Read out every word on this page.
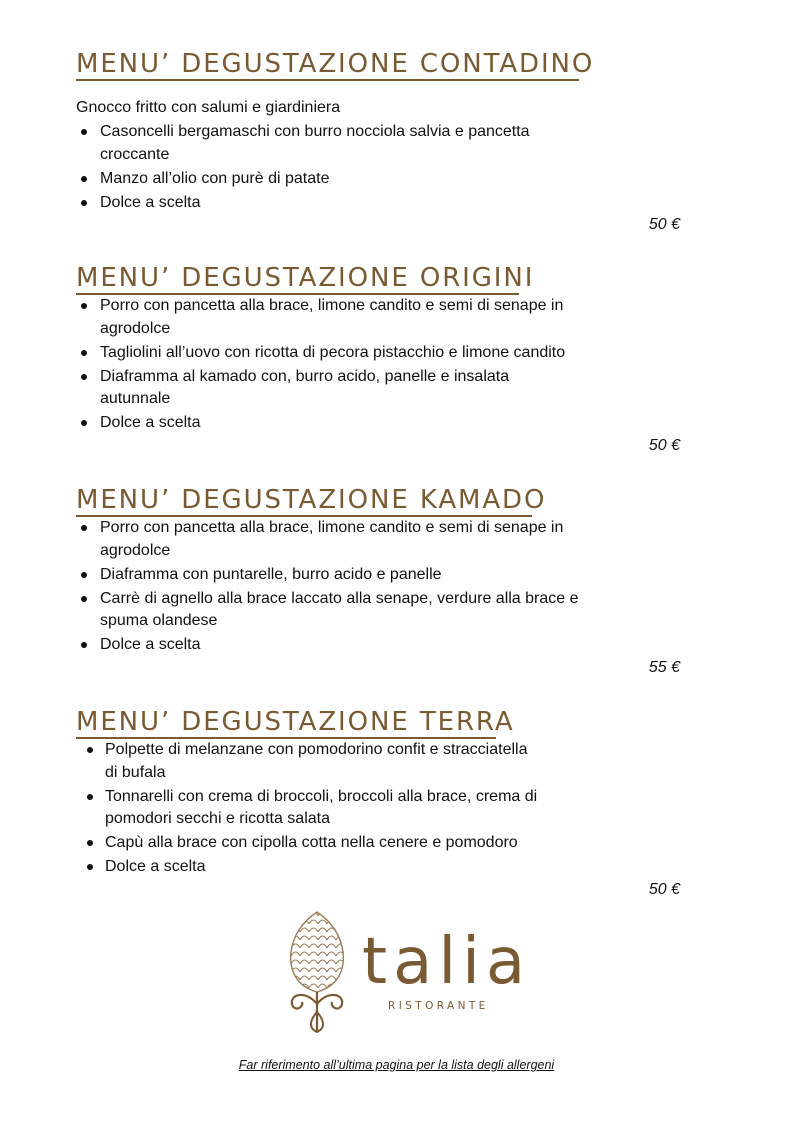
MENU’ DEGUSTAZIONE CONTADINO
Gnocco fritto con salumi e giardiniera
Casoncelli bergamaschi con burro nocciola salvia e pancetta
croccante
Manzo all’olio con purè di patate
Dolce a scelta
50 €
MENU’ DEGUSTAZIONE ORIGINI
Porro con pancetta alla brace, limone candito e semi di senape in
agrodolce
Tagliolini all’uovo con ricotta di pecora pistacchio e limone candito
Diaframma al kamado con, burro acido, panelle e insalata
autunnale
Dolce a scelta
50 €
MENU’ DEGUSTAZIONE KAMADO
Porro con pancetta alla brace, limone candito e semi di senape in
agrodolce
Diaframma con puntarelle, burro acido e panelle
Carrè di agnello alla brace laccato alla senape, verdure alla brace e
spuma olandese
Dolce a scelta
55 €
MENU’ DEGUSTAZIONE TERRA
Polpette di melanzane con pomodorino confit e stracciatella
di bufala
Tonnarelli con crema di broccoli, broccoli alla brace, crema di
pomodori secchi e ricotta salata
Capù alla brace con cipolla cotta nella cenere e pomodoro
Dolce a scelta
50 €
talia
RISTORANTE
Far riferimento all’ultima pagina per la lista degli allergeni
